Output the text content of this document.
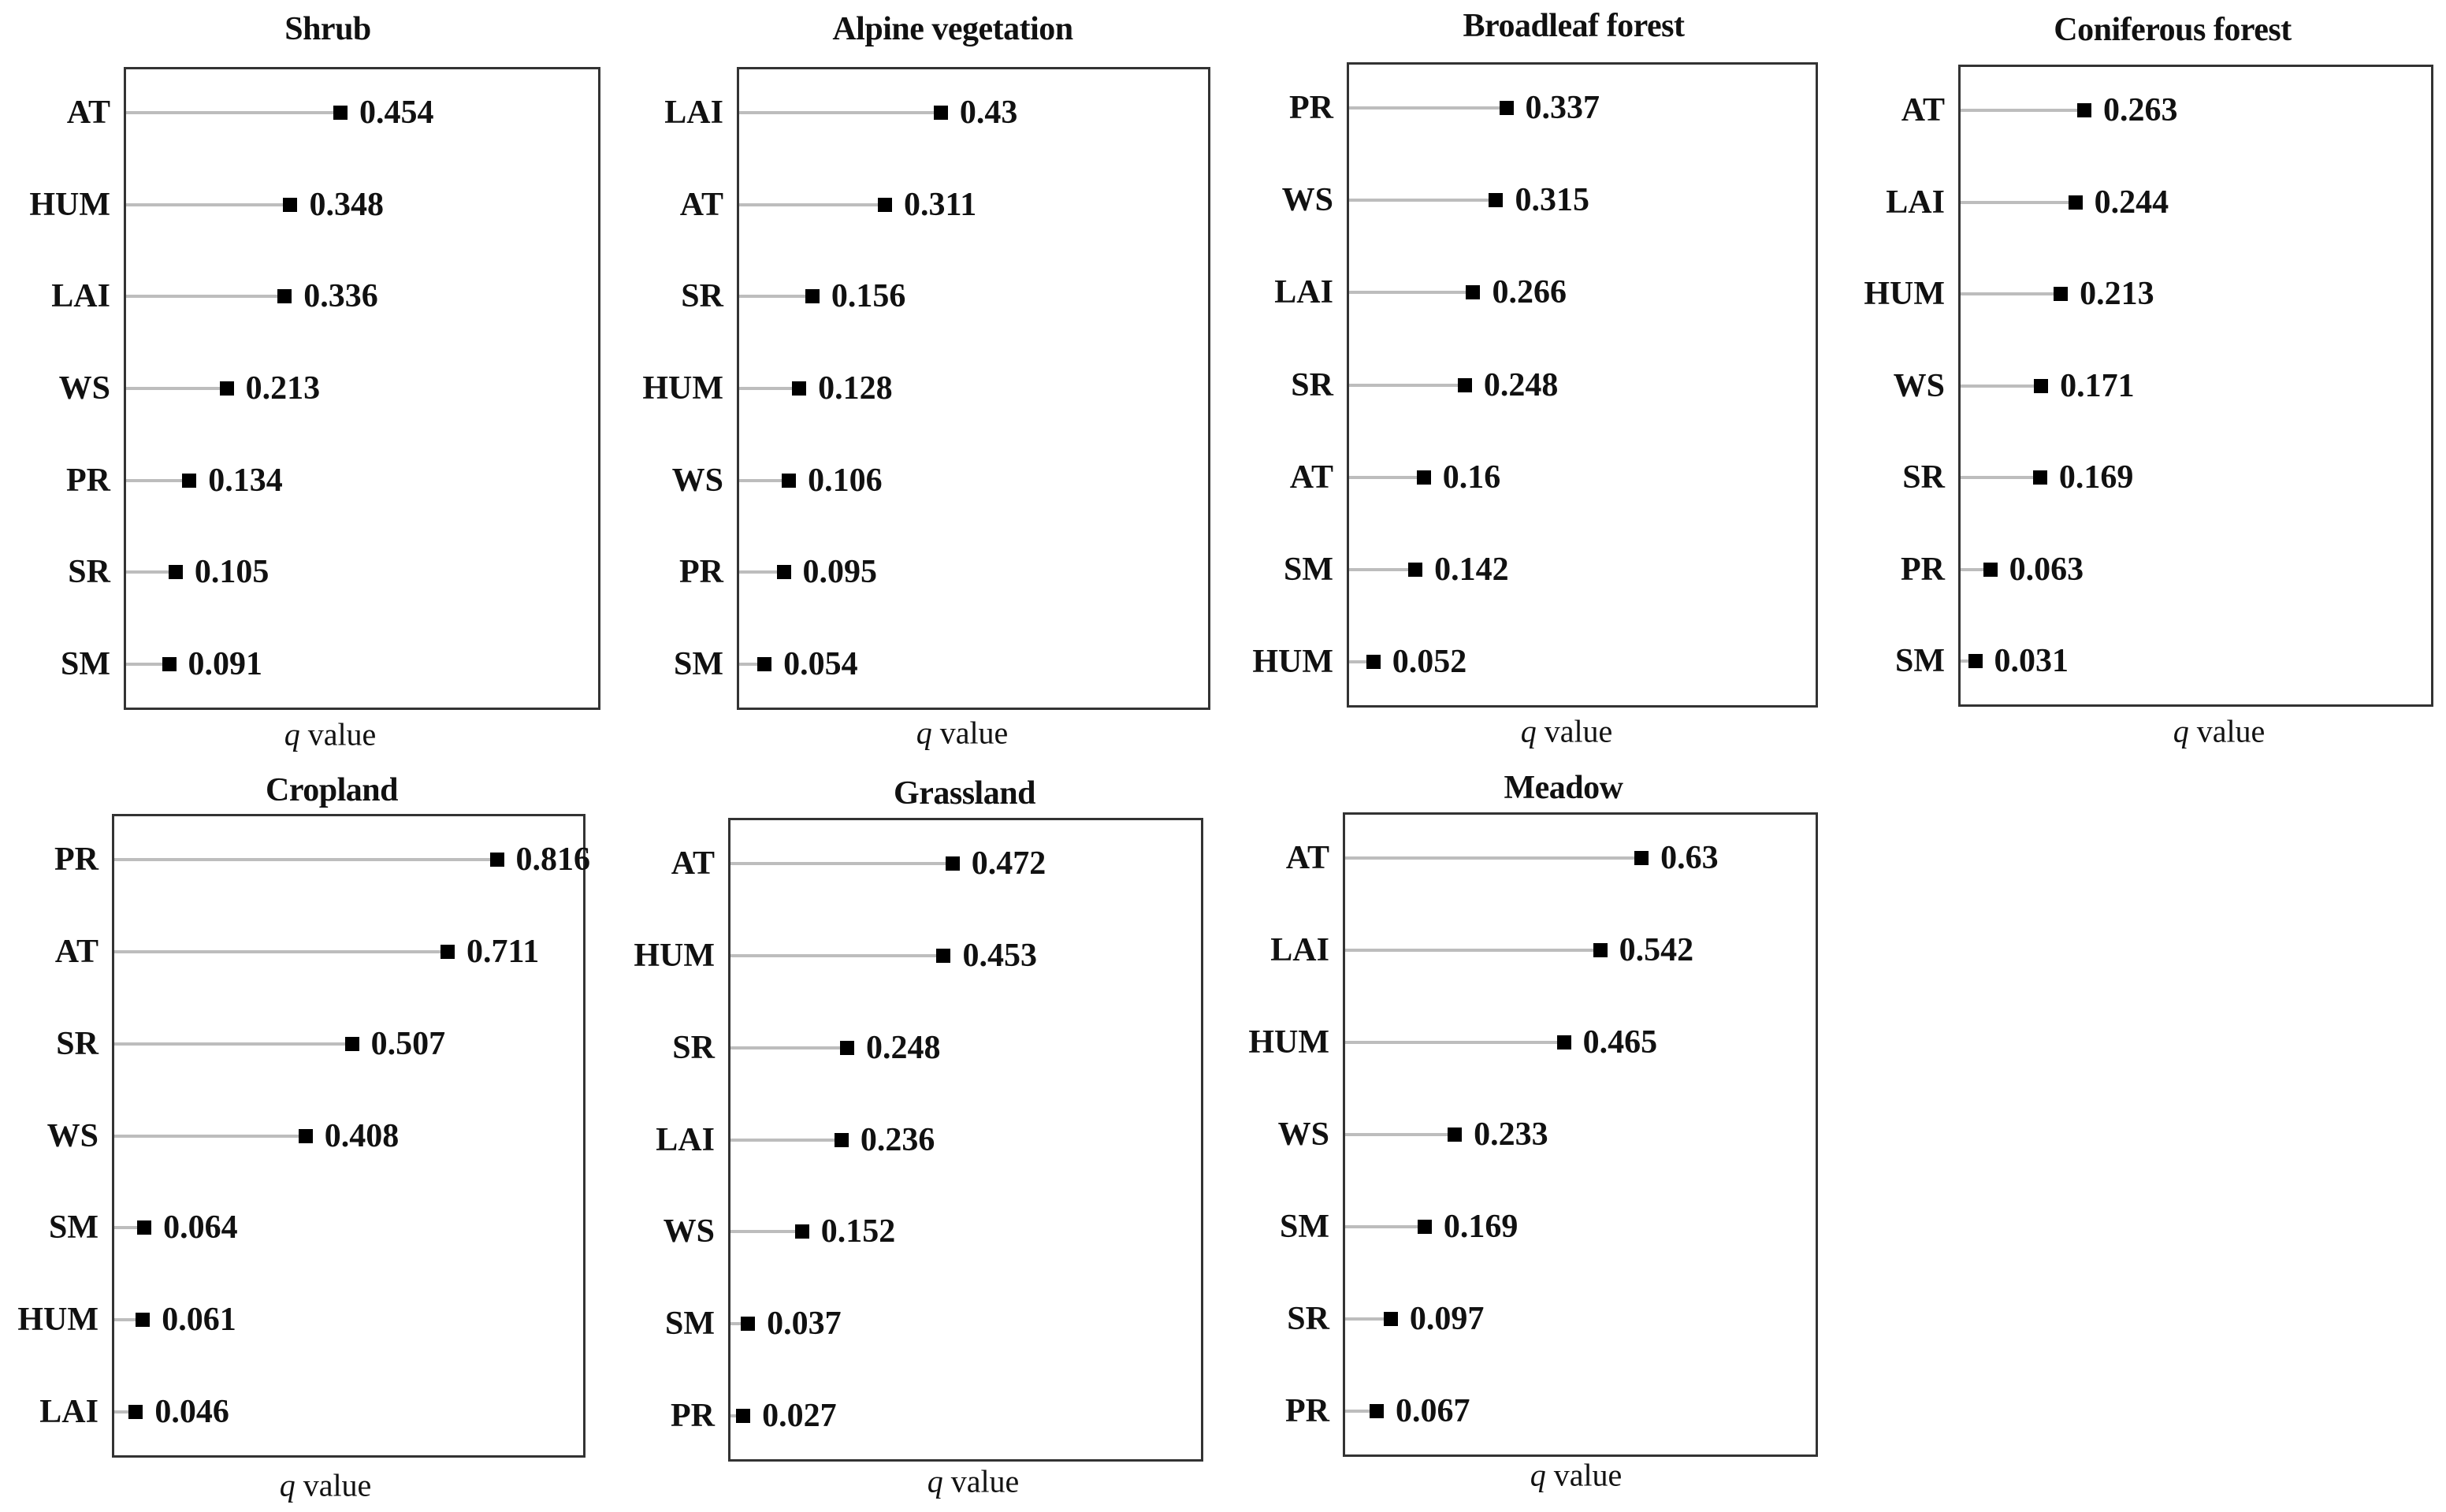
Shrub
AT	0.454
HUM	0.348
LAI	0.336
WS	0.213
PR	0.134
SR	0.105
SM 0.091
q value
Alpine vegetation
LAI	0.43
AT	0.311
SR	0.156
HUM	0.128
WS	0.106
PR 0.095
SM 0.054
q value
Broadleaf forest
PR	0.337
WS	0.315
LAI	0.266
SR	0.248
AT	0.16
SM	0.142
HUM 0.052
q value
Coniferous forest
AT	0.263
LAI	0.244
HUM	0.213
WS	0.171
SR	0.169
PR 0.063
SM 0.031
q value
Cropland
PR	0.816
AT	0.711
SR	0.507
WS	0.408
SM 0.064
HUM 0.061
LAI 0.046
q value
Grassland
AT	0.472
HUM	0.453
SR	0.248
LAI	0.236
WS	0.152
SM 0.037
PR 0.027
q value
Meadow
AT	0.63
LAI	0.542
HUM	0.465
WS	0.233
SM	0.169
SR 0.097
PR 0.067
q value
